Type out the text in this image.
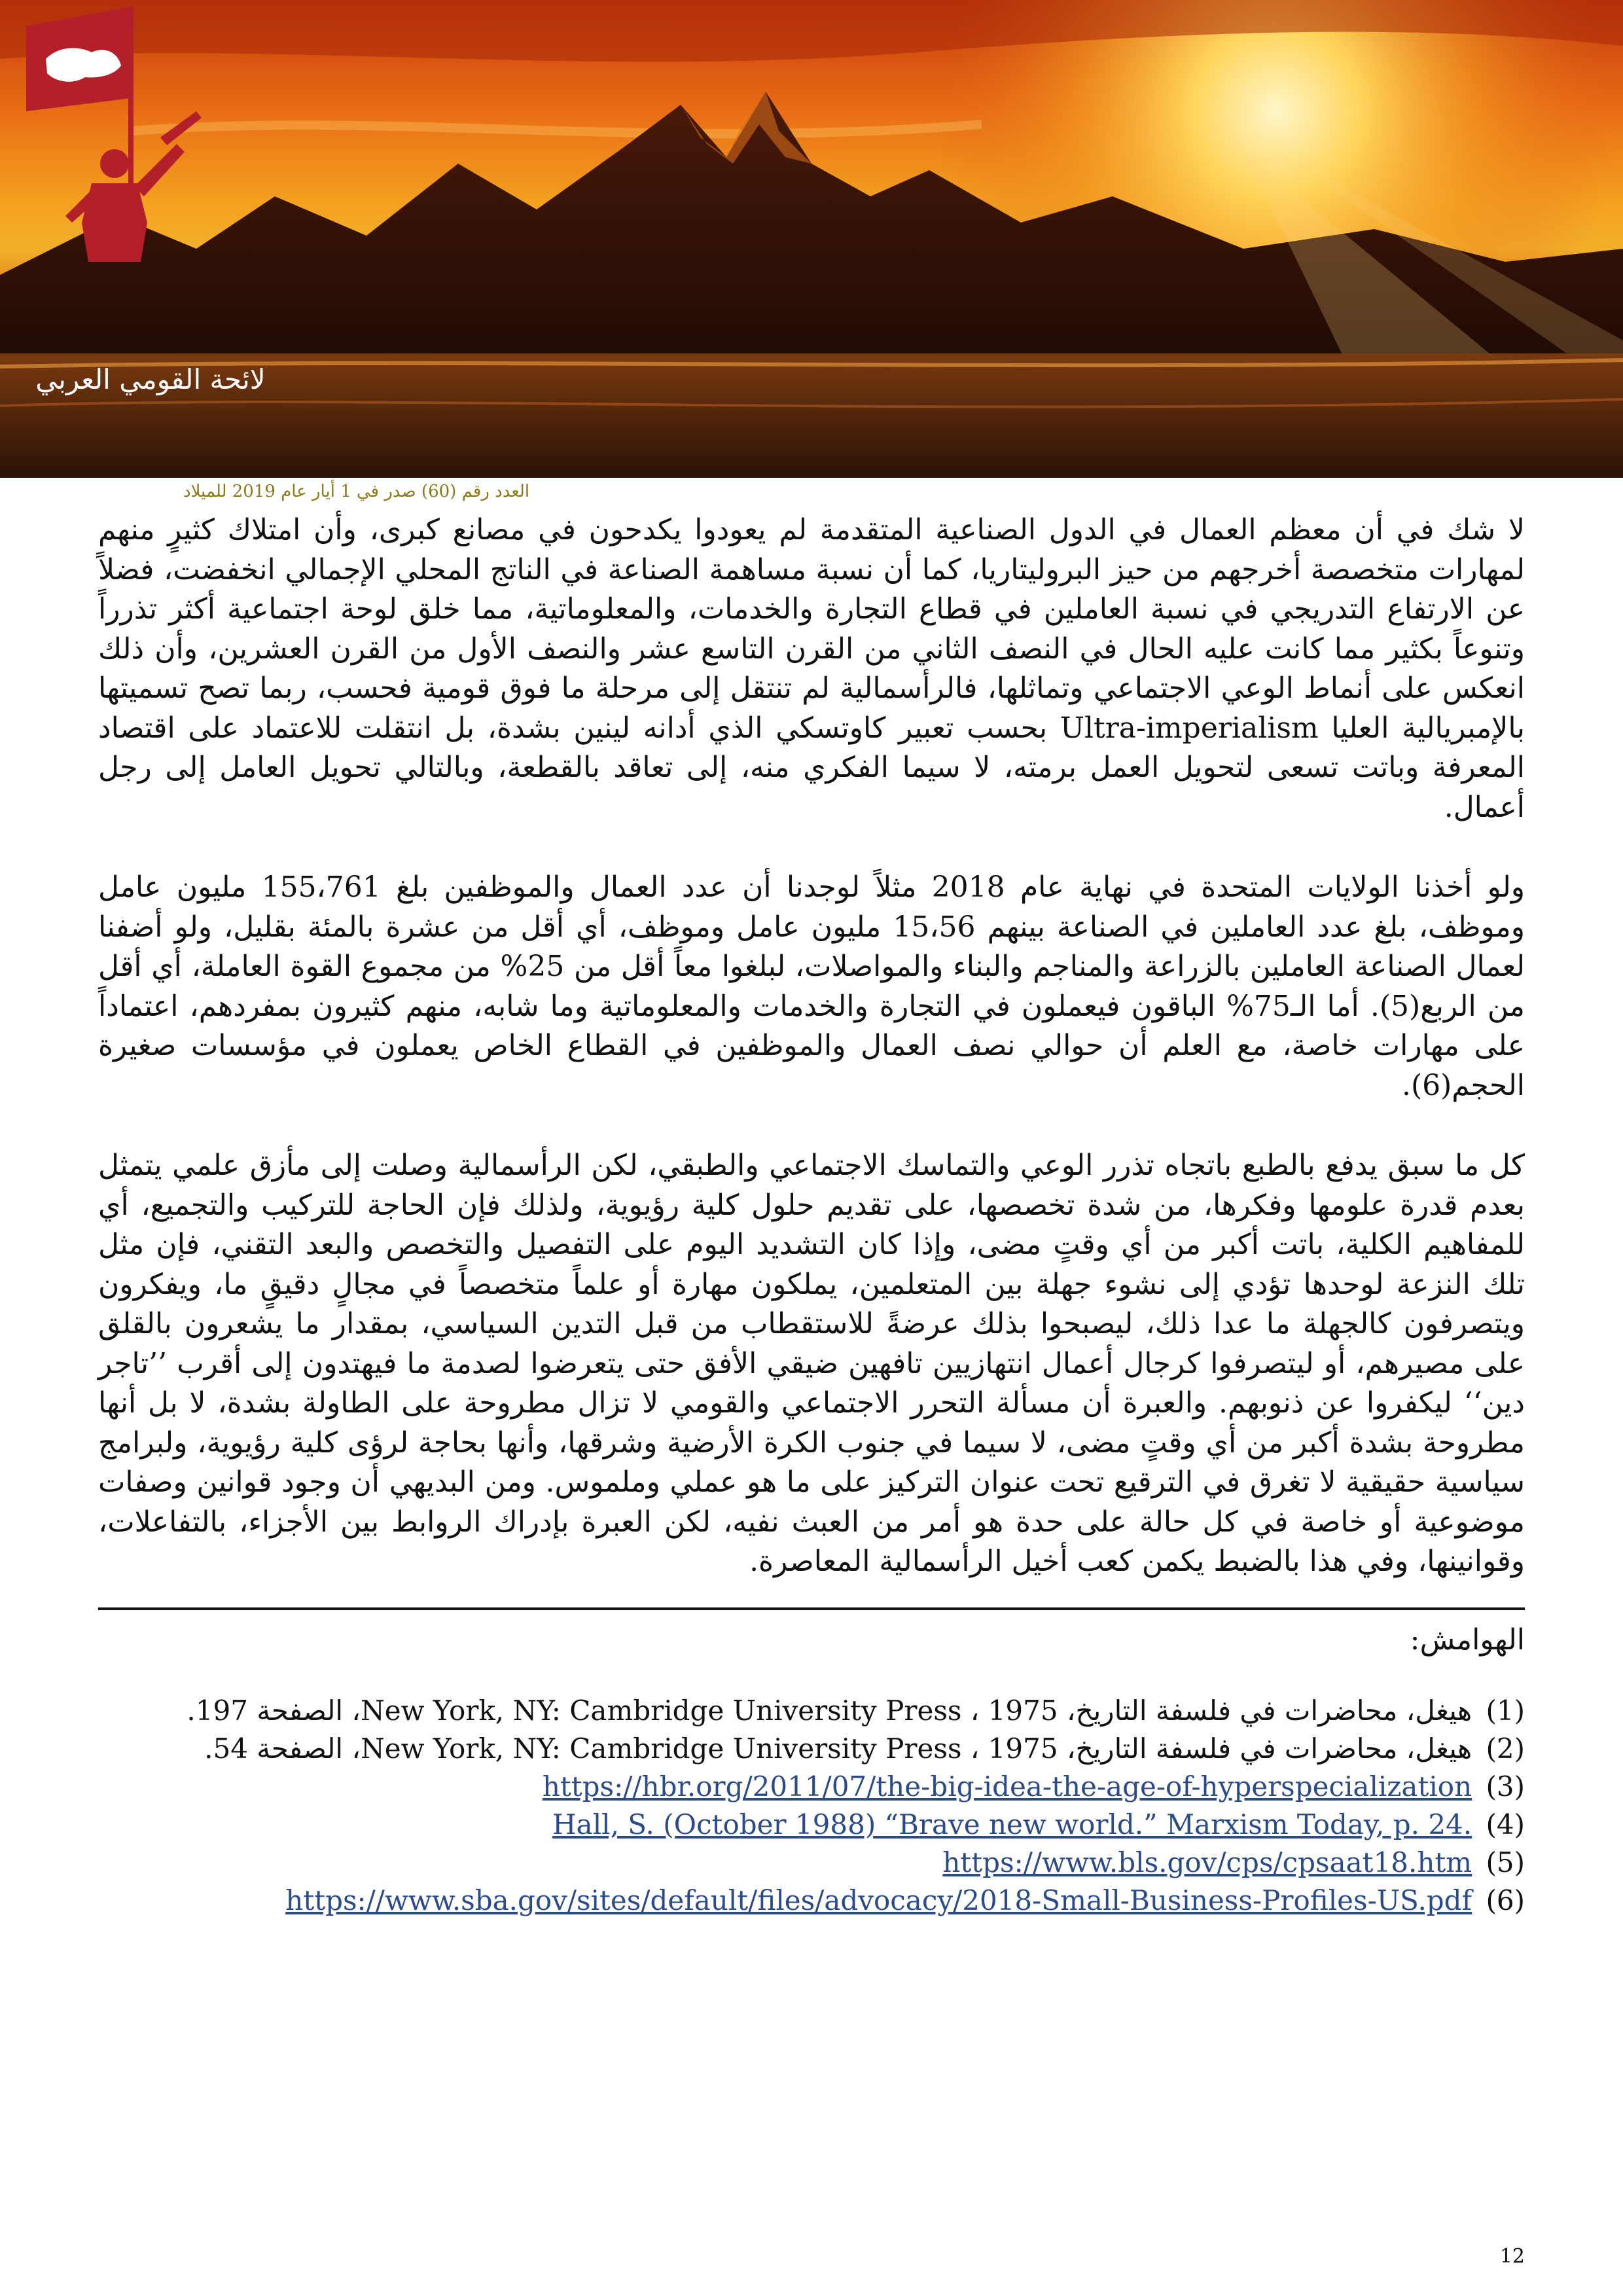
لائحة القومي العربي
العدد رقم (60) صدر في 1 أيار عام 2019 للميلاد

لا شك في أن معظم العمال في الدول الصناعية المتقدمة لم يعودوا يكدحون في مصانع كبرى، وأن امتلاك كثيرٍ منهم لمهارات متخصصة أخرجهم من حيز البروليتاريا، كما أن نسبة مساهمة الصناعة في الناتج المحلي الإجمالي انخفضت، فضلاً عن الارتفاع التدريجي في نسبة العاملين في قطاع التجارة والخدمات، والمعلوماتية، مما خلق لوحة اجتماعية أكثر تذرراً وتنوعاً بكثير مما كانت عليه الحال في النصف الثاني من القرن التاسع عشر والنصف الأول من القرن العشرين، وأن ذلك انعكس على أنماط الوعي الاجتماعي وتماثلها، فالرأسمالية لم تنتقل إلى مرحلة ما فوق قومية فحسب، ربما تصح تسميتها بالإمبريالية العليا Ultra-imperialism بحسب تعبير كاوتسكي الذي أدانه لينين بشدة، بل انتقلت للاعتماد على اقتصاد المعرفة وباتت تسعى لتحويل العمل برمته، لا سيما الفكري منه، إلى تعاقد بالقطعة، وبالتالي تحويل العامل إلى رجل أعمال.

ولو أخذنا الولايات المتحدة في نهاية عام 2018 مثلاً لوجدنا أن عدد العمال والموظفين بلغ 155،761 مليون عامل وموظف، بلغ عدد العاملين في الصناعة بينهم 15،56 مليون عامل وموظف، أي أقل من عشرة بالمئة بقليل، ولو أضفنا لعمال الصناعة العاملين بالزراعة والمناجم والبناء والمواصلات، لبلغوا معاً أقل من 25% من مجموع القوة العاملة، أي أقل من الربع(5). أما الـ75% الباقون فيعملون في التجارة والخدمات والمعلوماتية وما شابه، منهم كثيرون بمفردهم، اعتماداً على مهارات خاصة، مع العلم أن حوالي نصف العمال والموظفين في القطاع الخاص يعملون في مؤسسات صغيرة الحجم(6).

كل ما سبق يدفع بالطبع باتجاه تذرر الوعي والتماسك الاجتماعي والطبقي، لكن الرأسمالية وصلت إلى مأزق علمي يتمثل بعدم قدرة علومها وفكرها، من شدة تخصصها، على تقديم حلول كلية رؤيوية، ولذلك فإن الحاجة للتركيب والتجميع، أي للمفاهيم الكلية، باتت أكبر من أي وقتٍ مضى، وإذا كان التشديد اليوم على التفصيل والتخصص والبعد التقني، فإن مثل تلك النزعة لوحدها تؤدي إلى نشوء جهلة بين المتعلمين، يملكون مهارة أو علماً متخصصاً في مجالٍ دقيقٍ ما، ويفكرون ويتصرفون كالجهلة ما عدا ذلك، ليصبحوا بذلك عرضةً للاستقطاب من قبل التدين السياسي، بمقدار ما يشعرون بالقلق على مصيرهم، أو ليتصرفوا كرجال أعمال انتهازيين تافهين ضيقي الأفق حتى يتعرضوا لصدمة ما فيهتدون إلى أقرب ’’تاجر دين‘‘ ليكفروا عن ذنوبهم. والعبرة أن مسألة التحرر الاجتماعي والقومي لا تزال مطروحة على الطاولة بشدة، لا بل أنها مطروحة بشدة أكبر من أي وقتٍ مضى، لا سيما في جنوب الكرة الأرضية وشرقها، وأنها بحاجة لرؤى كلية رؤيوية، ولبرامج سياسية حقيقية لا تغرق في الترقيع تحت عنوان التركيز على ما هو عملي وملموس. ومن البديهي أن وجود قوانين وصفات موضوعية أو خاصة في كل حالة على حدة هو أمر من العبث نفيه، لكن العبرة بإدراك الروابط بين الأجزاء، بالتفاعلات، وقوانينها، وفي هذا بالضبط يكمن كعب أخيل الرأسمالية المعاصرة.

الهوامش:
(1) هيغل، محاضرات في فلسفة التاريخ، 1975 ، New York, NY: Cambridge University Press، الصفحة 197.
(2) هيغل، محاضرات في فلسفة التاريخ، 1975 ، New York, NY: Cambridge University Press، الصفحة 54.
(3) https://hbr.org/2011/07/the-big-idea-the-age-of-hyperspecialization
(4) Hall, S. (October 1988) “Brave new world.” Marxism Today, p. 24.
(5) https://www.bls.gov/cps/cpsaat18.htm
(6) https://www.sba.gov/sites/default/files/advocacy/2018-Small-Business-Profiles-US.pdf
12
